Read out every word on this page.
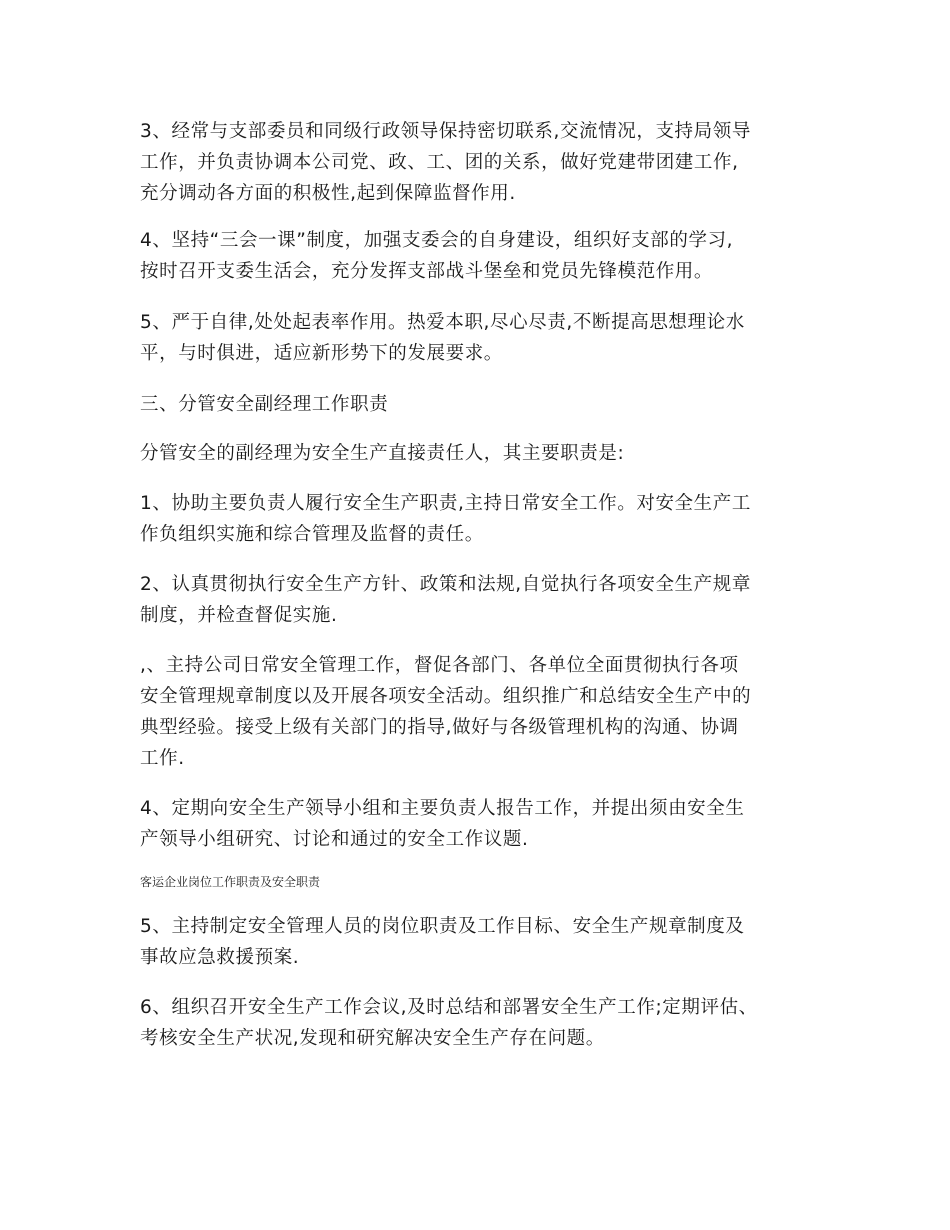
3、经常与支部委员和同级行政领导保持密切联系,交流情况，支持局领导
工作，并负责协调本公司党、政、工、团的关系，做好党建带团建工作,
充分调动各方面的积极性,起到保障监督作用.

4、坚持“三会一课”制度，加强支委会的自身建设，组织好支部的学习,
按时召开支委生活会，充分发挥支部战斗堡垒和党员先锋模范作用。

5、严于自律,处处起表率作用。热爱本职,尽心尽责,不断提高思想理论水
平，与时俱进，适应新形势下的发展要求。

三、分管安全副经理工作职责

分管安全的副经理为安全生产直接责任人，其主要职责是:

1、协助主要负责人履行安全生产职责,主持日常安全工作。对安全生产工
作负组织实施和综合管理及监督的责任。

2、认真贯彻执行安全生产方针、政策和法规,自觉执行各项安全生产规章
制度，并检查督促实施.

,、主持公司日常安全管理工作，督促各部门、各单位全面贯彻执行各项
安全管理规章制度以及开展各项安全活动。组织推广和总结安全生产中的
典型经验。接受上级有关部门的指导,做好与各级管理机构的沟通、协调
工作.

4、定期向安全生产领导小组和主要负责人报告工作，并提出须由安全生
产领导小组研究、讨论和通过的安全工作议题.

客运企业岗位工作职责及安全职责

5、主持制定安全管理人员的岗位职责及工作目标、安全生产规章制度及
事故应急救援预案.

6、组织召开安全生产工作会议,及时总结和部署安全生产工作;定期评估、
考核安全生产状况,发现和研究解决安全生产存在问题。
